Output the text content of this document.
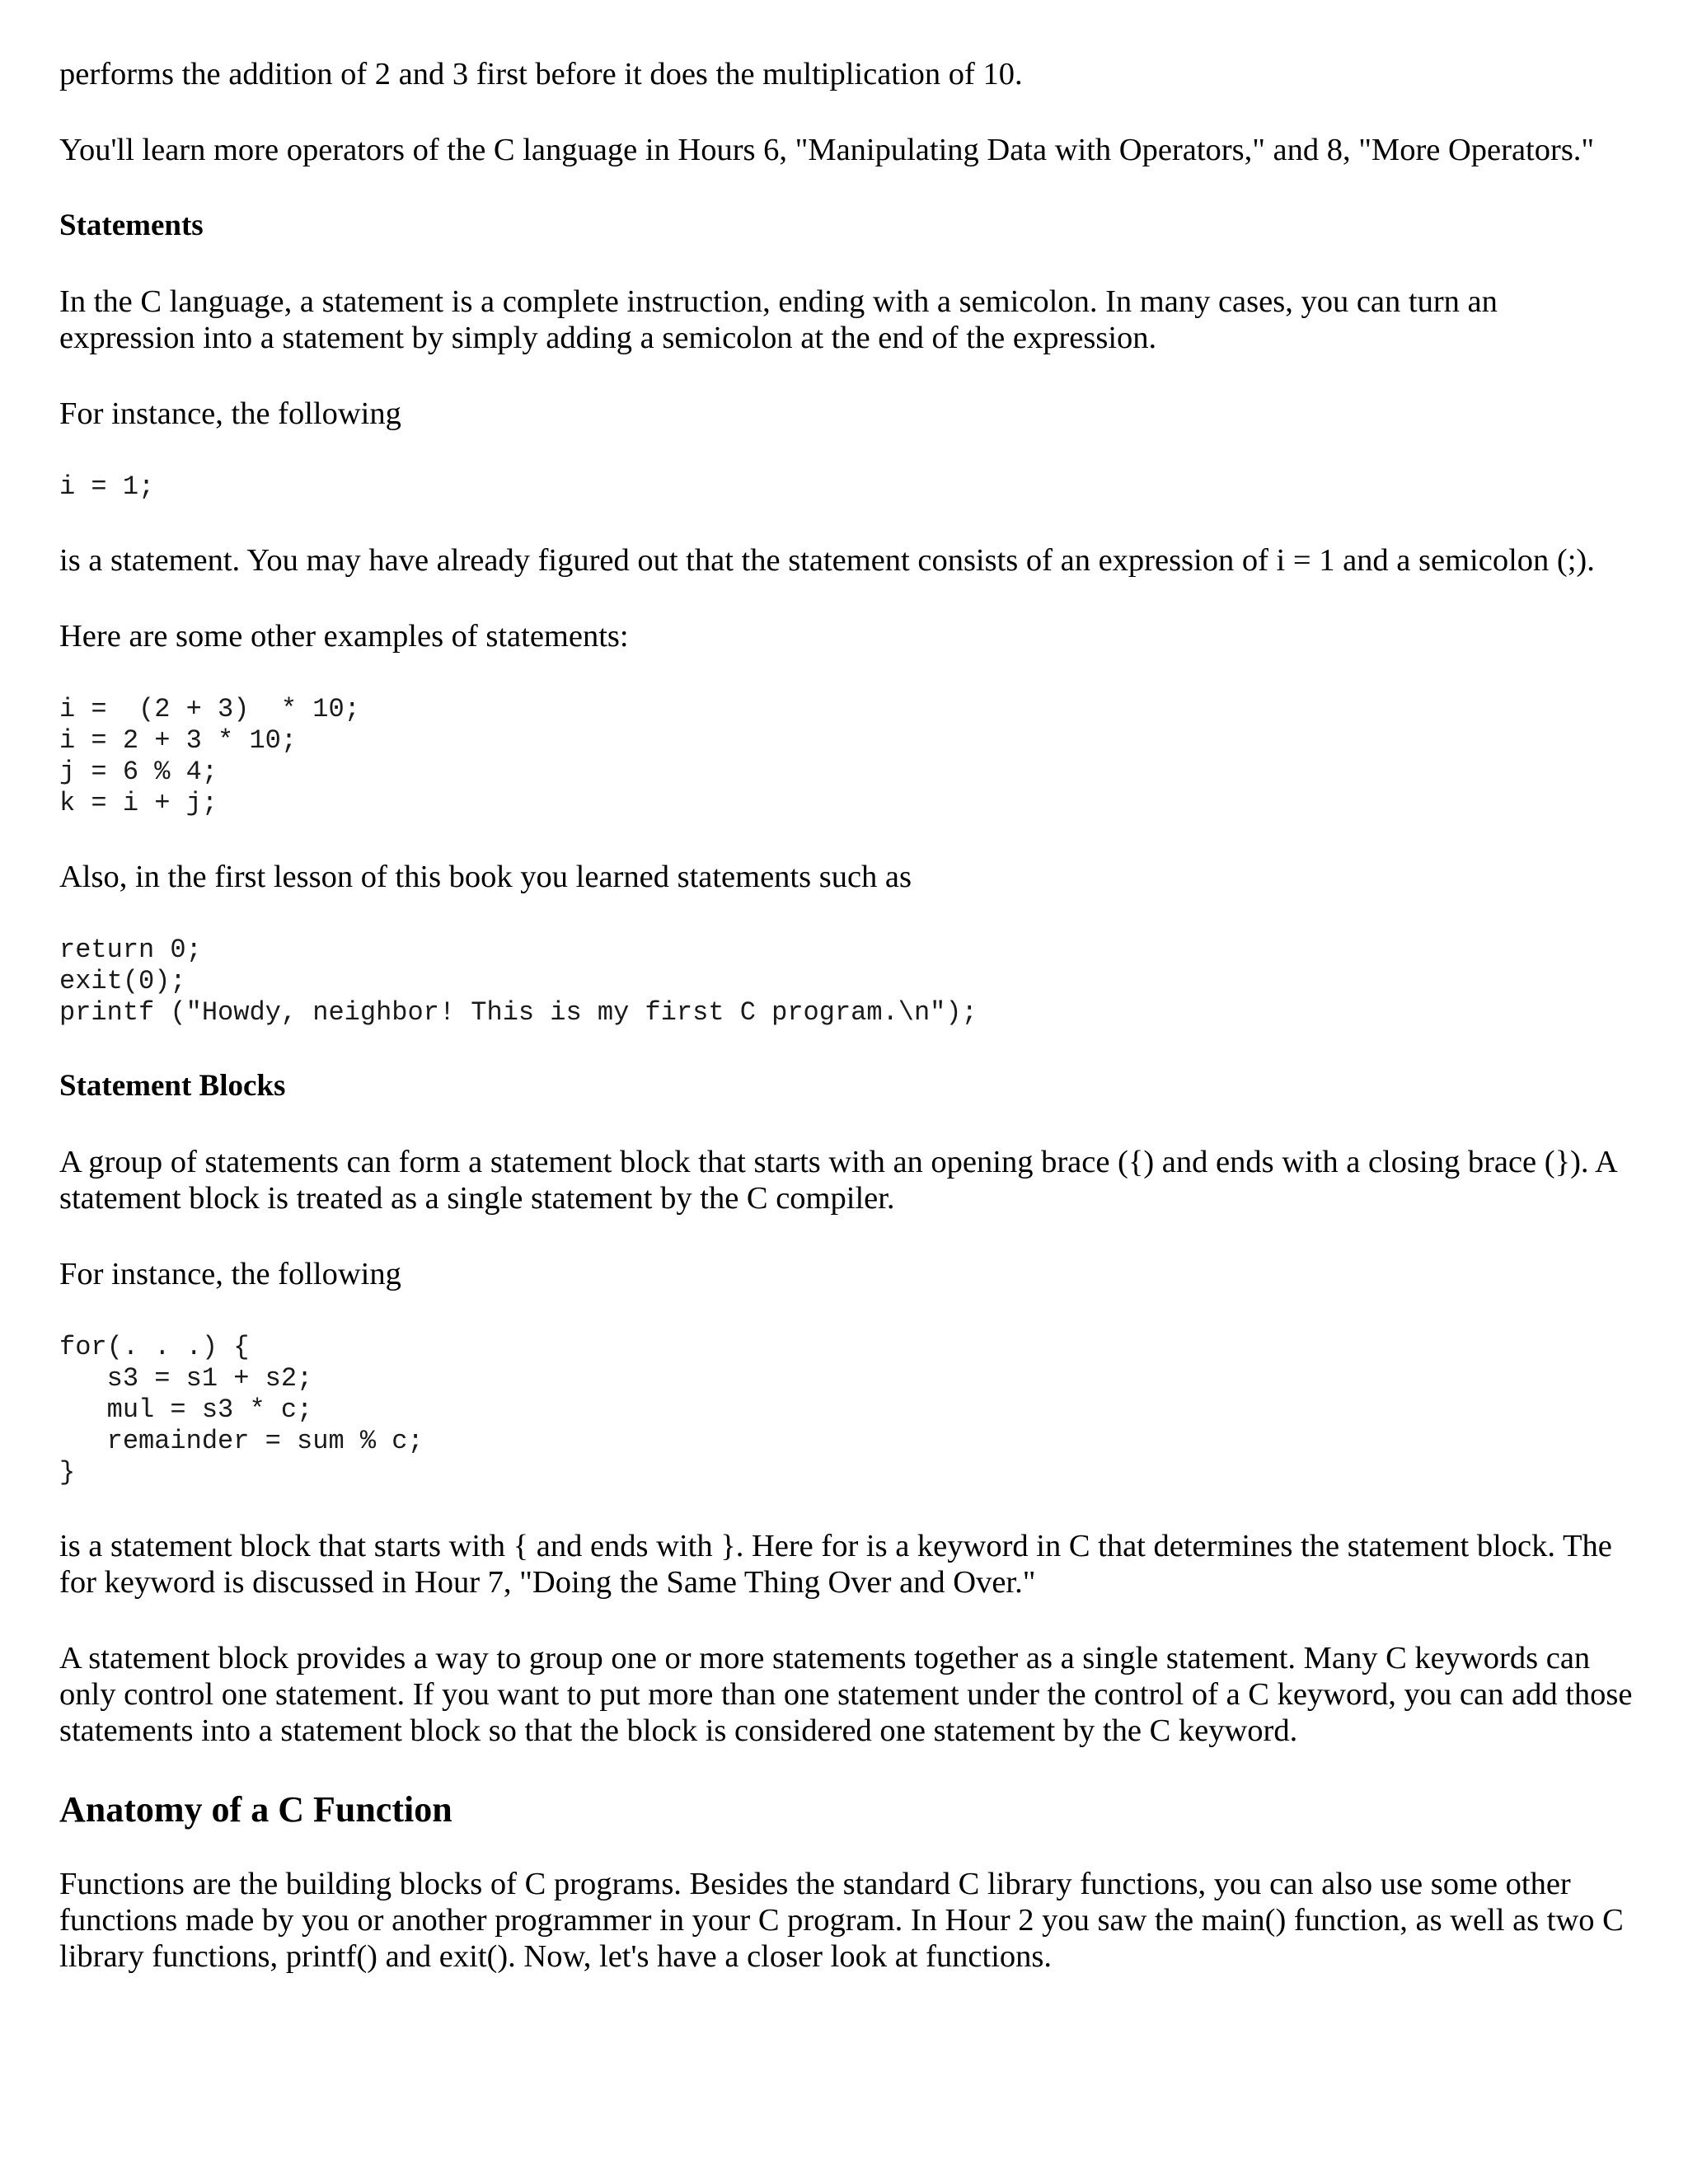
performs the addition of 2 and 3 first before it does the multiplication of 10.

You'll learn more operators of the C language in Hours 6, "Manipulating Data with Operators," and 8, "More Operators."

Statements

In the C language, a statement is a complete instruction, ending with a semicolon. In many cases, you can turn an expression into a statement by simply adding a semicolon at the end of the expression.

For instance, the following

i = 1;

is a statement. You may have already figured out that the statement consists of an expression of i = 1 and a semicolon (;).

Here are some other examples of statements:

i =  (2 + 3)  * 10;
i = 2 + 3 * 10;
j = 6 % 4;
k = i + j;

Also, in the first lesson of this book you learned statements such as

return 0;
exit(0);
printf ("Howdy, neighbor! This is my first C program.\n");
Statement Blocks

A group of statements can form a statement block that starts with an opening brace ({) and ends with a closing brace (}). A statement block is treated as a single statement by the C compiler.

For instance, the following

for(. . .) {
s3 = s1 + s2;
mul = s3 * c;
remainder = sum % c;
}

is a statement block that starts with { and ends with }. Here for is a keyword in C that determines the statement block. The for keyword is discussed in Hour 7, "Doing the Same Thing Over and Over."

A statement block provides a way to group one or more statements together as a single statement. Many C keywords can only control one statement. If you want to put more than one statement under the control of a C keyword, you can add those statements into a statement block so that the block is considered one statement by the C keyword.

Anatomy of a C Function

Functions are the building blocks of C programs. Besides the standard C library functions, you can also use some other functions made by you or another programmer in your C program. In Hour 2 you saw the main() function, as well as two C library functions, printf() and exit(). Now, let's have a closer look at functions.
